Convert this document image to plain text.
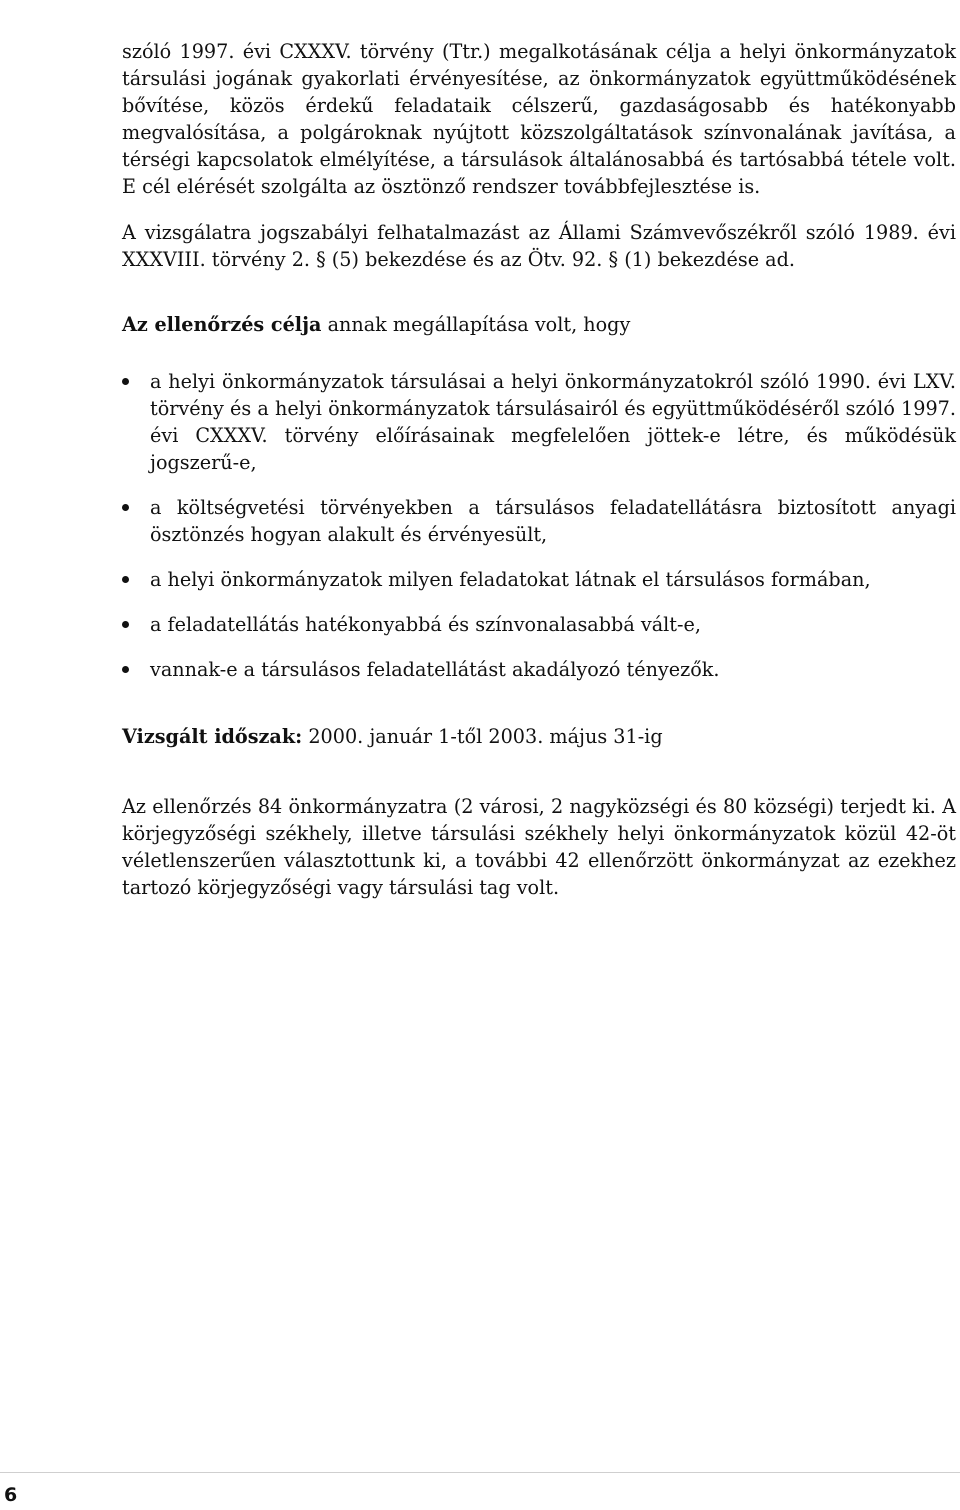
szóló 1997. évi CXXXV. törvény (Ttr.) megalkotásának célja a helyi önkormányzatok társulási jogának gyakorlati érvényesítése, az önkormányzatok együttműködésének bővítése, közös érdekű feladataik célszerű, gazdaságosabb és hatékonyabb megvalósítása, a polgároknak nyújtott közszolgáltatások színvonalának javítása, a térségi kapcsolatok elmélyítése, a társulások általánosabbá és tartósabbá tétele volt. E cél elérését szolgálta az ösztönző rendszer továbbfejlesztése is.

A vizsgálatra jogszabályi felhatalmazást az Állami Számvevőszékről szóló 1989. évi XXXVIII. törvény 2. § (5) bekezdése és az Ötv. 92. § (1) bekezdése ad.

Az ellenőrzés célja annak megállapítása volt, hogy

a helyi önkormányzatok társulásai a helyi önkormányzatokról szóló 1990. évi LXV. törvény és a helyi önkormányzatok társulásairól és együttműködéséről szóló 1997. évi CXXXV. törvény előírásainak megfelelően jöttek-e létre, és működésük jogszerű-e,
a költségvetési törvényekben a társulásos feladatellátásra biztosított anyagi ösztönzés hogyan alakult és érvényesült,
a helyi önkormányzatok milyen feladatokat látnak el társulásos formában,
a feladatellátás hatékonyabbá és színvonalasabbá vált-e,
vannak-e a társulásos feladatellátást akadályozó tényezők.

Vizsgált időszak: 2000. január 1-től 2003. május 31-ig

Az ellenőrzés 84 önkormányzatra (2 városi, 2 nagyközségi és 80 községi) terjedt ki. A körjegyzőségi székhely, illetve társulási székhely helyi önkormányzatok közül 42-öt véletlenszerűen választottunk ki, a további 42 ellenőrzött önkormányzat az ezekhez tartozó körjegyzőségi vagy társulási tag volt.

6
